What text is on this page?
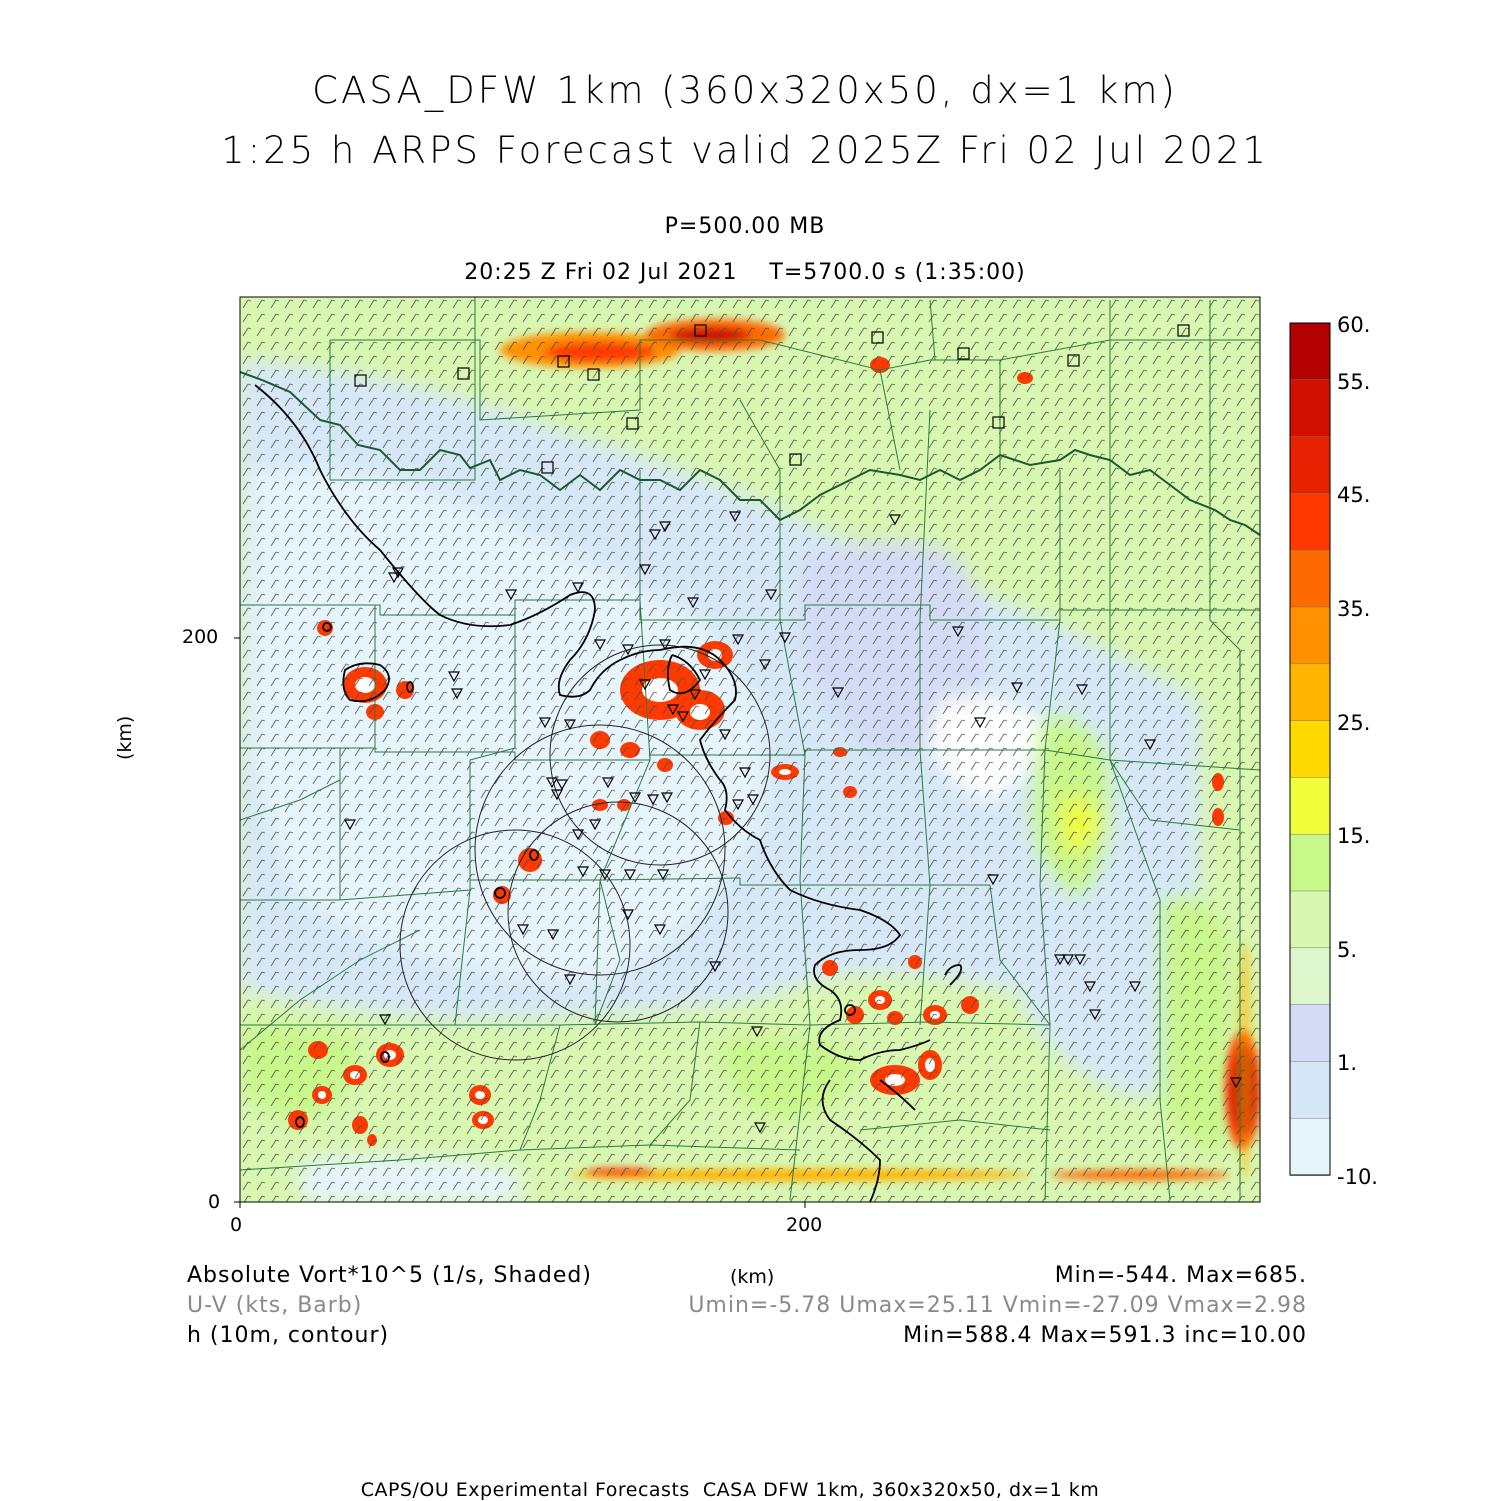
CASA_DFW 1km (360x320x50, dx=1 km)
1:25 h ARPS Forecast valid 2025Z Fri 02 Jul 2021
P=500.00 MB
20:25 Z Fri 02 Jul 2021    T=5700.0 s (1:35:00)
(km)
200
0
0	200
(km)
Absolute Vort*10^5 (1/s, Shaded)	Min=-544. Max=685.
U-V (kts, Barb)	Umin=-5.78 Umax=25.11 Vmin=-27.09 Vmax=2.98
h (10m, contour)	Min=588.4 Max=591.3 inc=10.00
CAPS/OU Experimental Forecasts  CASA DFW 1km, 360x320x50, dx=1 km
60.
55.
45.
35.
25.
15.
5.
1.
-10.
